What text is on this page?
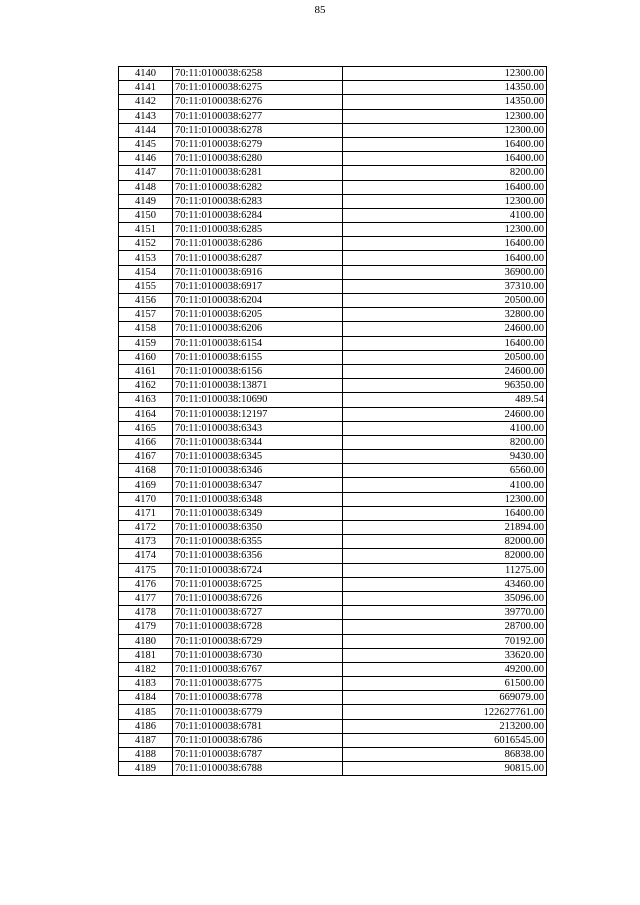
85
4140	70:11:0100038:6258	12300.00
4141	70:11:0100038:6275	14350.00
4142	70:11:0100038:6276	14350.00
4143	70:11:0100038:6277	12300.00
4144	70:11:0100038:6278	12300.00
4145	70:11:0100038:6279	16400.00
4146	70:11:0100038:6280	16400.00
4147	70:11:0100038:6281	8200.00
4148	70:11:0100038:6282	16400.00
4149	70:11:0100038:6283	12300.00
4150	70:11:0100038:6284	4100.00
4151	70:11:0100038:6285	12300.00
4152	70:11:0100038:6286	16400.00
4153	70:11:0100038:6287	16400.00
4154	70:11:0100038:6916	36900.00
4155	70:11:0100038:6917	37310.00
4156	70:11:0100038:6204	20500.00
4157	70:11:0100038:6205	32800.00
4158	70:11:0100038:6206	24600.00
4159	70:11:0100038:6154	16400.00
4160	70:11:0100038:6155	20500.00
4161	70:11:0100038:6156	24600.00
4162	70:11:0100038:13871	96350.00
4163	70:11:0100038:10690	489.54
4164	70:11:0100038:12197	24600.00
4165	70:11:0100038:6343	4100.00
4166	70:11:0100038:6344	8200.00
4167	70:11:0100038:6345	9430.00
4168	70:11:0100038:6346	6560.00
4169	70:11:0100038:6347	4100.00
4170	70:11:0100038:6348	12300.00
4171	70:11:0100038:6349	16400.00
4172	70:11:0100038:6350	21894.00
4173	70:11:0100038:6355	82000.00
4174	70:11:0100038:6356	82000.00
4175	70:11:0100038:6724	11275.00
4176	70:11:0100038:6725	43460.00
4177	70:11:0100038:6726	35096.00
4178	70:11:0100038:6727	39770.00
4179	70:11:0100038:6728	28700.00
4180	70:11:0100038:6729	70192.00
4181	70:11:0100038:6730	33620.00
4182	70:11:0100038:6767	49200.00
4183	70:11:0100038:6775	61500.00
4184	70:11:0100038:6778	669079.00
4185	70:11:0100038:6779	122627761.00
4186	70:11:0100038:6781	213200.00
4187	70:11:0100038:6786	6016545.00
4188	70:11:0100038:6787	86838.00
4189	70:11:0100038:6788	90815.00
